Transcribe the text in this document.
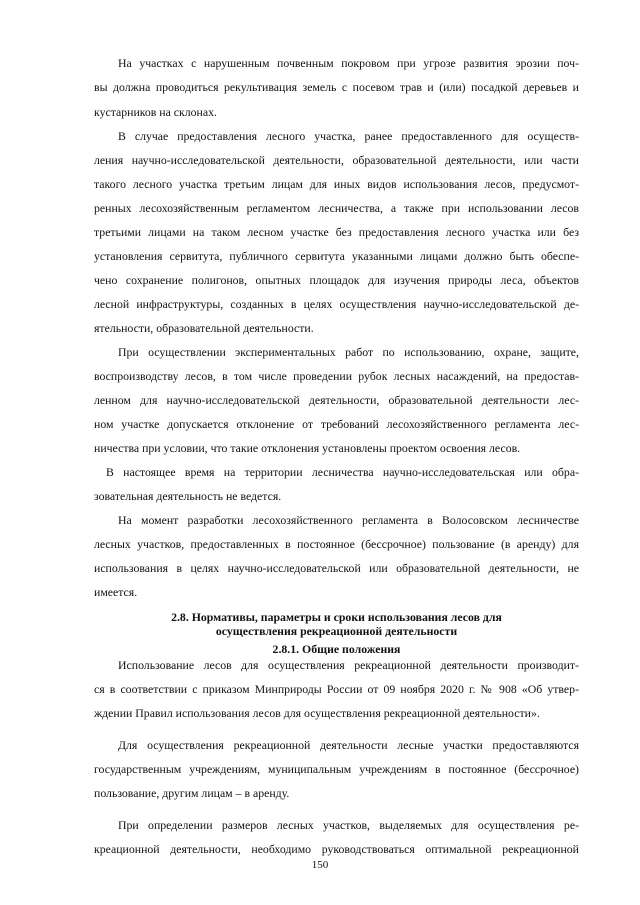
На участках с нарушенным почвенным покровом при угрозе развития эрозии поч-
вы должна проводиться рекультивация земель с посевом трав и (или) посадкой деревьев и
кустарников на склонах.
В случае предоставления лесного участка, ранее предоставленного для осуществ-
ления научно-исследовательской деятельности, образовательной деятельности, или части
такого лесного участка третьим лицам для иных видов использования лесов, предусмот-
ренных лесохозяйственным регламентом лесничества, а также при использовании лесов
третьими лицами на таком лесном участке без предоставления лесного участка или без
установления сервитута, публичного сервитута указанными лицами должно быть обеспе-
чено сохранение полигонов, опытных площадок для изучения природы леса, объектов
лесной инфраструктуры, созданных в целях осуществления научно-исследовательской де-
ятельности, образовательной деятельности.
При осуществлении экспериментальных работ по использованию, охране, защите,
воспроизводству лесов, в том числе проведении рубок лесных насаждений, на предостав-
ленном для научно-исследовательской деятельности, образовательной деятельности лес-
ном участке допускается отклонение от требований лесохозяйственного регламента лес-
ничества при условии, что такие отклонения установлены проектом освоения лесов.
В настоящее время на территории лесничества научно-исследовательская или обра-
зовательная деятельность не ведется.
На момент разработки лесохозяйственного регламента в Волосовском лесничестве
лесных участков, предоставленных в постоянное (бессрочное) пользование (в аренду) для
использования в целях научно-исследовательской или образовательной деятельности, не
имеется.
2.8. Нормативы, параметры и сроки использования лесов для
осуществления рекреационной деятельности
2.8.1. Общие положения
Использование лесов для осуществления рекреационной деятельности производит-
ся в соответствии с приказом Минприроды России от 09 ноября 2020 г. № 908 «Об утвер-
ждении Правил использования лесов для осуществления рекреационной деятельности».
Для осуществления рекреационной деятельности лесные участки предоставляются
государственным учреждениям, муниципальным учреждениям в постоянное (бессрочное)
пользование, другим лицам – в аренду.
При определении размеров лесных участков, выделяемых для осуществления ре-
креационной деятельности, необходимо руководствоваться оптимальной рекреационной
150
